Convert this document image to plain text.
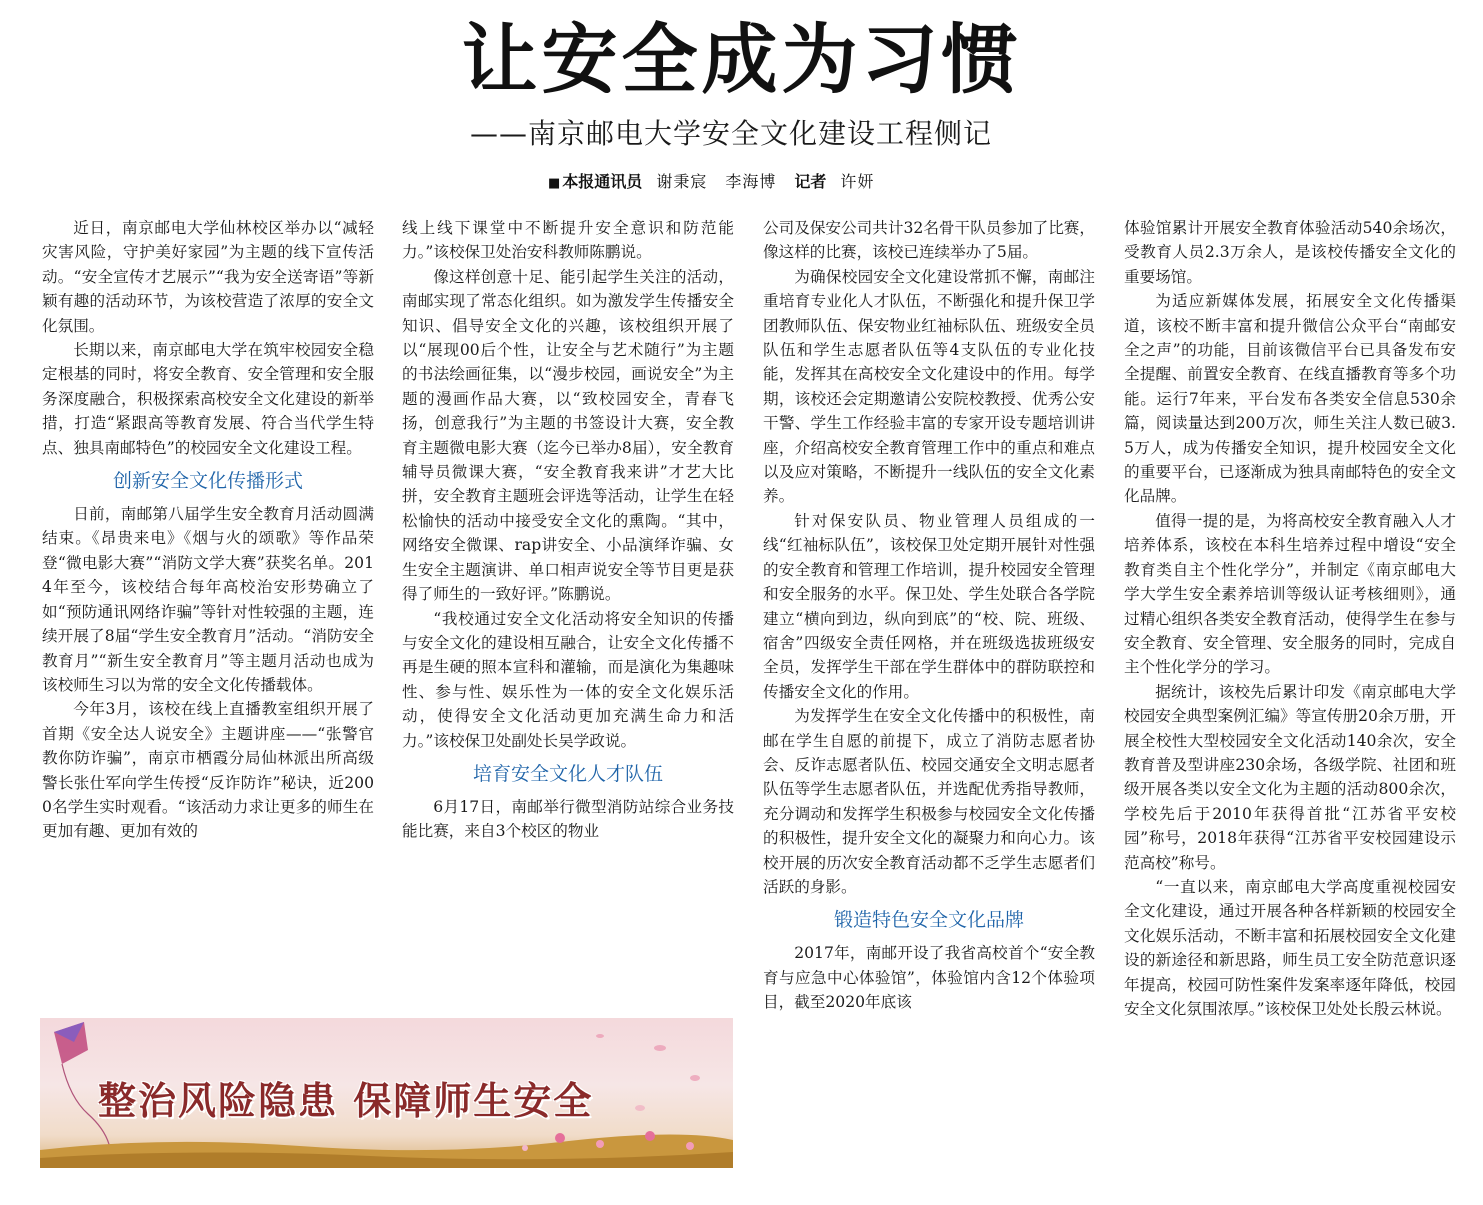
让安全成为习惯
——南京邮电大学安全文化建设工程侧记
■ 本报通讯员 谢秉宸 李海博 记者 许妍

近日，南京邮电大学仙林校区举办以“减轻灾害风险，守护美好家园”为主题的线下宣传活动。“安全宣传才艺展示”“我为安全送寄语”等新颖有趣的活动环节，为该校营造了浓厚的安全文化氛围。

长期以来，南京邮电大学在筑牢校园安全稳定根基的同时，将安全教育、安全管理和安全服务深度融合，积极探索高校安全文化建设的新举措，打造“紧跟高等教育发展、符合当代学生特点、独具南邮特色”的校园安全文化建设工程。

创新安全文化传播形式

日前，南邮第八届学生安全教育月活动圆满结束。《昂贵来电》《烟与火的颂歌》等作品荣登“微电影大赛”“消防文学大赛”获奖名单。2014年至今，该校结合每年高校治安形势确立了如“预防通讯网络诈骗”等针对性较强的主题，连续开展了8届“学生安全教育月”活动。“消防安全教育月”“新生安全教育月”等主题月活动也成为该校师生习以为常的安全文化传播载体。

今年3月，该校在线上直播教室组织开展了首期《安全达人说安全》主题讲座——“张警官教你防诈骗”，南京市栖霞分局仙林派出所高级警长张仕军向学生传授“反诈防诈”秘诀，近2000名学生实时观看。“该活动力求让更多的师生在更加有趣、更加有效的

线上线下课堂中不断提升安全意识和防范能力。”该校保卫处治安科教师陈鹏说。

像这样创意十足、能引起学生关注的活动，南邮实现了常态化组织。如为激发学生传播安全知识、倡导安全文化的兴趣，该校组织开展了以“展现00后个性，让安全与艺术随行”为主题的书法绘画征集，以“漫步校园，画说安全”为主题的漫画作品大赛，以“致校园安全，青春飞扬，创意我行”为主题的书签设计大赛，安全教育主题微电影大赛（迄今已举办8届），安全教育辅导员微课大赛，“安全教育我来讲”才艺大比拼，安全教育主题班会评选等活动，让学生在轻松愉快的活动中接受安全文化的熏陶。“其中，网络安全微课、rap讲安全、小品演绎诈骗、女生安全主题演讲、单口相声说安全等节目更是获得了师生的一致好评。”陈鹏说。

“我校通过安全文化活动将安全知识的传播与安全文化的建设相互融合，让安全文化传播不再是生硬的照本宣科和灌输，而是演化为集趣味性、参与性、娱乐性为一体的安全文化娱乐活动，使得安全文化活动更加充满生命力和活力。”该校保卫处副处长吴学政说。

培育安全文化人才队伍

6月17日，南邮举行微型消防站综合业务技能比赛，来自3个校区的物业

公司及保安公司共计32名骨干队员参加了比赛，像这样的比赛，该校已连续举办了5届。

为确保校园安全文化建设常抓不懈，南邮注重培育专业化人才队伍，不断强化和提升保卫学团教师队伍、保安物业红袖标队伍、班级安全员队伍和学生志愿者队伍等4支队伍的专业化技能，发挥其在高校安全文化建设中的作用。每学期，该校还会定期邀请公安院校教授、优秀公安干警、学生工作经验丰富的专家开设专题培训讲座，介绍高校安全教育管理工作中的重点和难点以及应对策略，不断提升一线队伍的安全文化素养。

针对保安队员、物业管理人员组成的一线“红袖标队伍”，该校保卫处定期开展针对性强的安全教育和管理工作培训，提升校园安全管理和安全服务的水平。保卫处、学生处联合各学院建立“横向到边，纵向到底”的“校、院、班级、宿舍”四级安全责任网格，并在班级选拔班级安全员，发挥学生干部在学生群体中的群防联控和传播安全文化的作用。

为发挥学生在安全文化传播中的积极性，南邮在学生自愿的前提下，成立了消防志愿者协会、反诈志愿者队伍、校园交通安全文明志愿者队伍等学生志愿者队伍，并选配优秀指导教师，充分调动和发挥学生积极参与校园安全文化传播的积极性，提升安全文化的凝聚力和向心力。该校开展的历次安全教育活动都不乏学生志愿者们活跃的身影。

锻造特色安全文化品牌

2017年，南邮开设了我省高校首个“安全教育与应急中心体验馆”，体验馆内含12个体验项目，截至2020年底该

体验馆累计开展安全教育体验活动540余场次，受教育人员2.3万余人，是该校传播安全文化的重要场馆。

为适应新媒体发展，拓展安全文化传播渠道，该校不断丰富和提升微信公众平台“南邮安全之声”的功能，目前该微信平台已具备发布安全提醒、前置安全教育、在线直播教育等多个功能。运行7年来，平台发布各类安全信息530余篇，阅读量达到200万次，师生关注人数已破3.5万人，成为传播安全知识，提升校园安全文化的重要平台，已逐渐成为独具南邮特色的安全文化品牌。

值得一提的是，为将高校安全教育融入人才培养体系，该校在本科生培养过程中增设“安全教育类自主个性化学分”，并制定《南京邮电大学大学生安全素养培训等级认证考核细则》，通过精心组织各类安全教育活动，使得学生在参与安全教育、安全管理、安全服务的同时，完成自主个性化学分的学习。

据统计，该校先后累计印发《南京邮电大学校园安全典型案例汇编》等宣传册20余万册，开展全校性大型校园安全文化活动140余次，安全教育普及型讲座230余场，各级学院、社团和班级开展各类以安全文化为主题的活动800余次，学校先后于2010年获得首批“江苏省平安校园”称号，2018年获得“江苏省平安校园建设示范高校”称号。

“一直以来，南京邮电大学高度重视校园安全文化建设，通过开展各种各样新颖的校园安全文化娱乐活动，不断丰富和拓展校园安全文化建设的新途径和新思路，师生员工安全防范意识逐年提高，校园可防性案件发案率逐年降低，校园安全文化氛围浓厚。”该校保卫处处长殷云林说。

整治风险隐患 保障师生安全
